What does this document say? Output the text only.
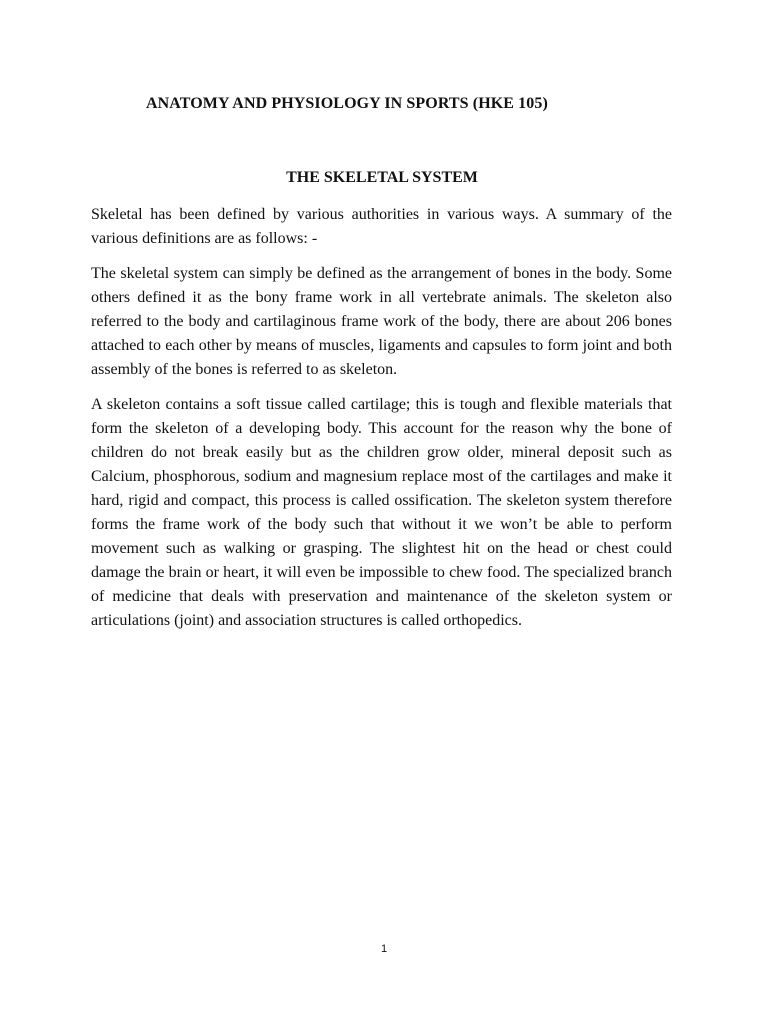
ANATOMY AND PHYSIOLOGY IN SPORTS (HKE 105)
THE SKELETAL SYSTEM

Skeletal has been defined by various authorities in various ways. A summary of the various definitions are as follows: -

The skeletal system can simply be defined as the arrangement of bones in the body. Some others defined it as the bony frame work in all vertebrate animals. The skeleton also referred to the body and cartilaginous frame work of the body, there are about 206 bones attached to each other by means of muscles, ligaments and capsules to form joint and both assembly of the bones is referred to as skeleton.

A skeleton contains a soft tissue called cartilage; this is tough and flexible materials that form the skeleton of a developing body. This account for the reason why the bone of children do not break easily but as the children grow older, mineral deposit such as Calcium, phosphorous, sodium and magnesium replace most of the cartilages and make it hard, rigid and compact, this process is called ossification. The skeleton system therefore forms the frame work of the body such that without it we won’t be able to perform movement such as walking or grasping. The slightest hit on the head or chest could damage the brain or heart, it will even be impossible to chew food. The specialized branch of medicine that deals with preservation and maintenance of the skeleton system or articulations (joint) and association structures is called orthopedics.

1
